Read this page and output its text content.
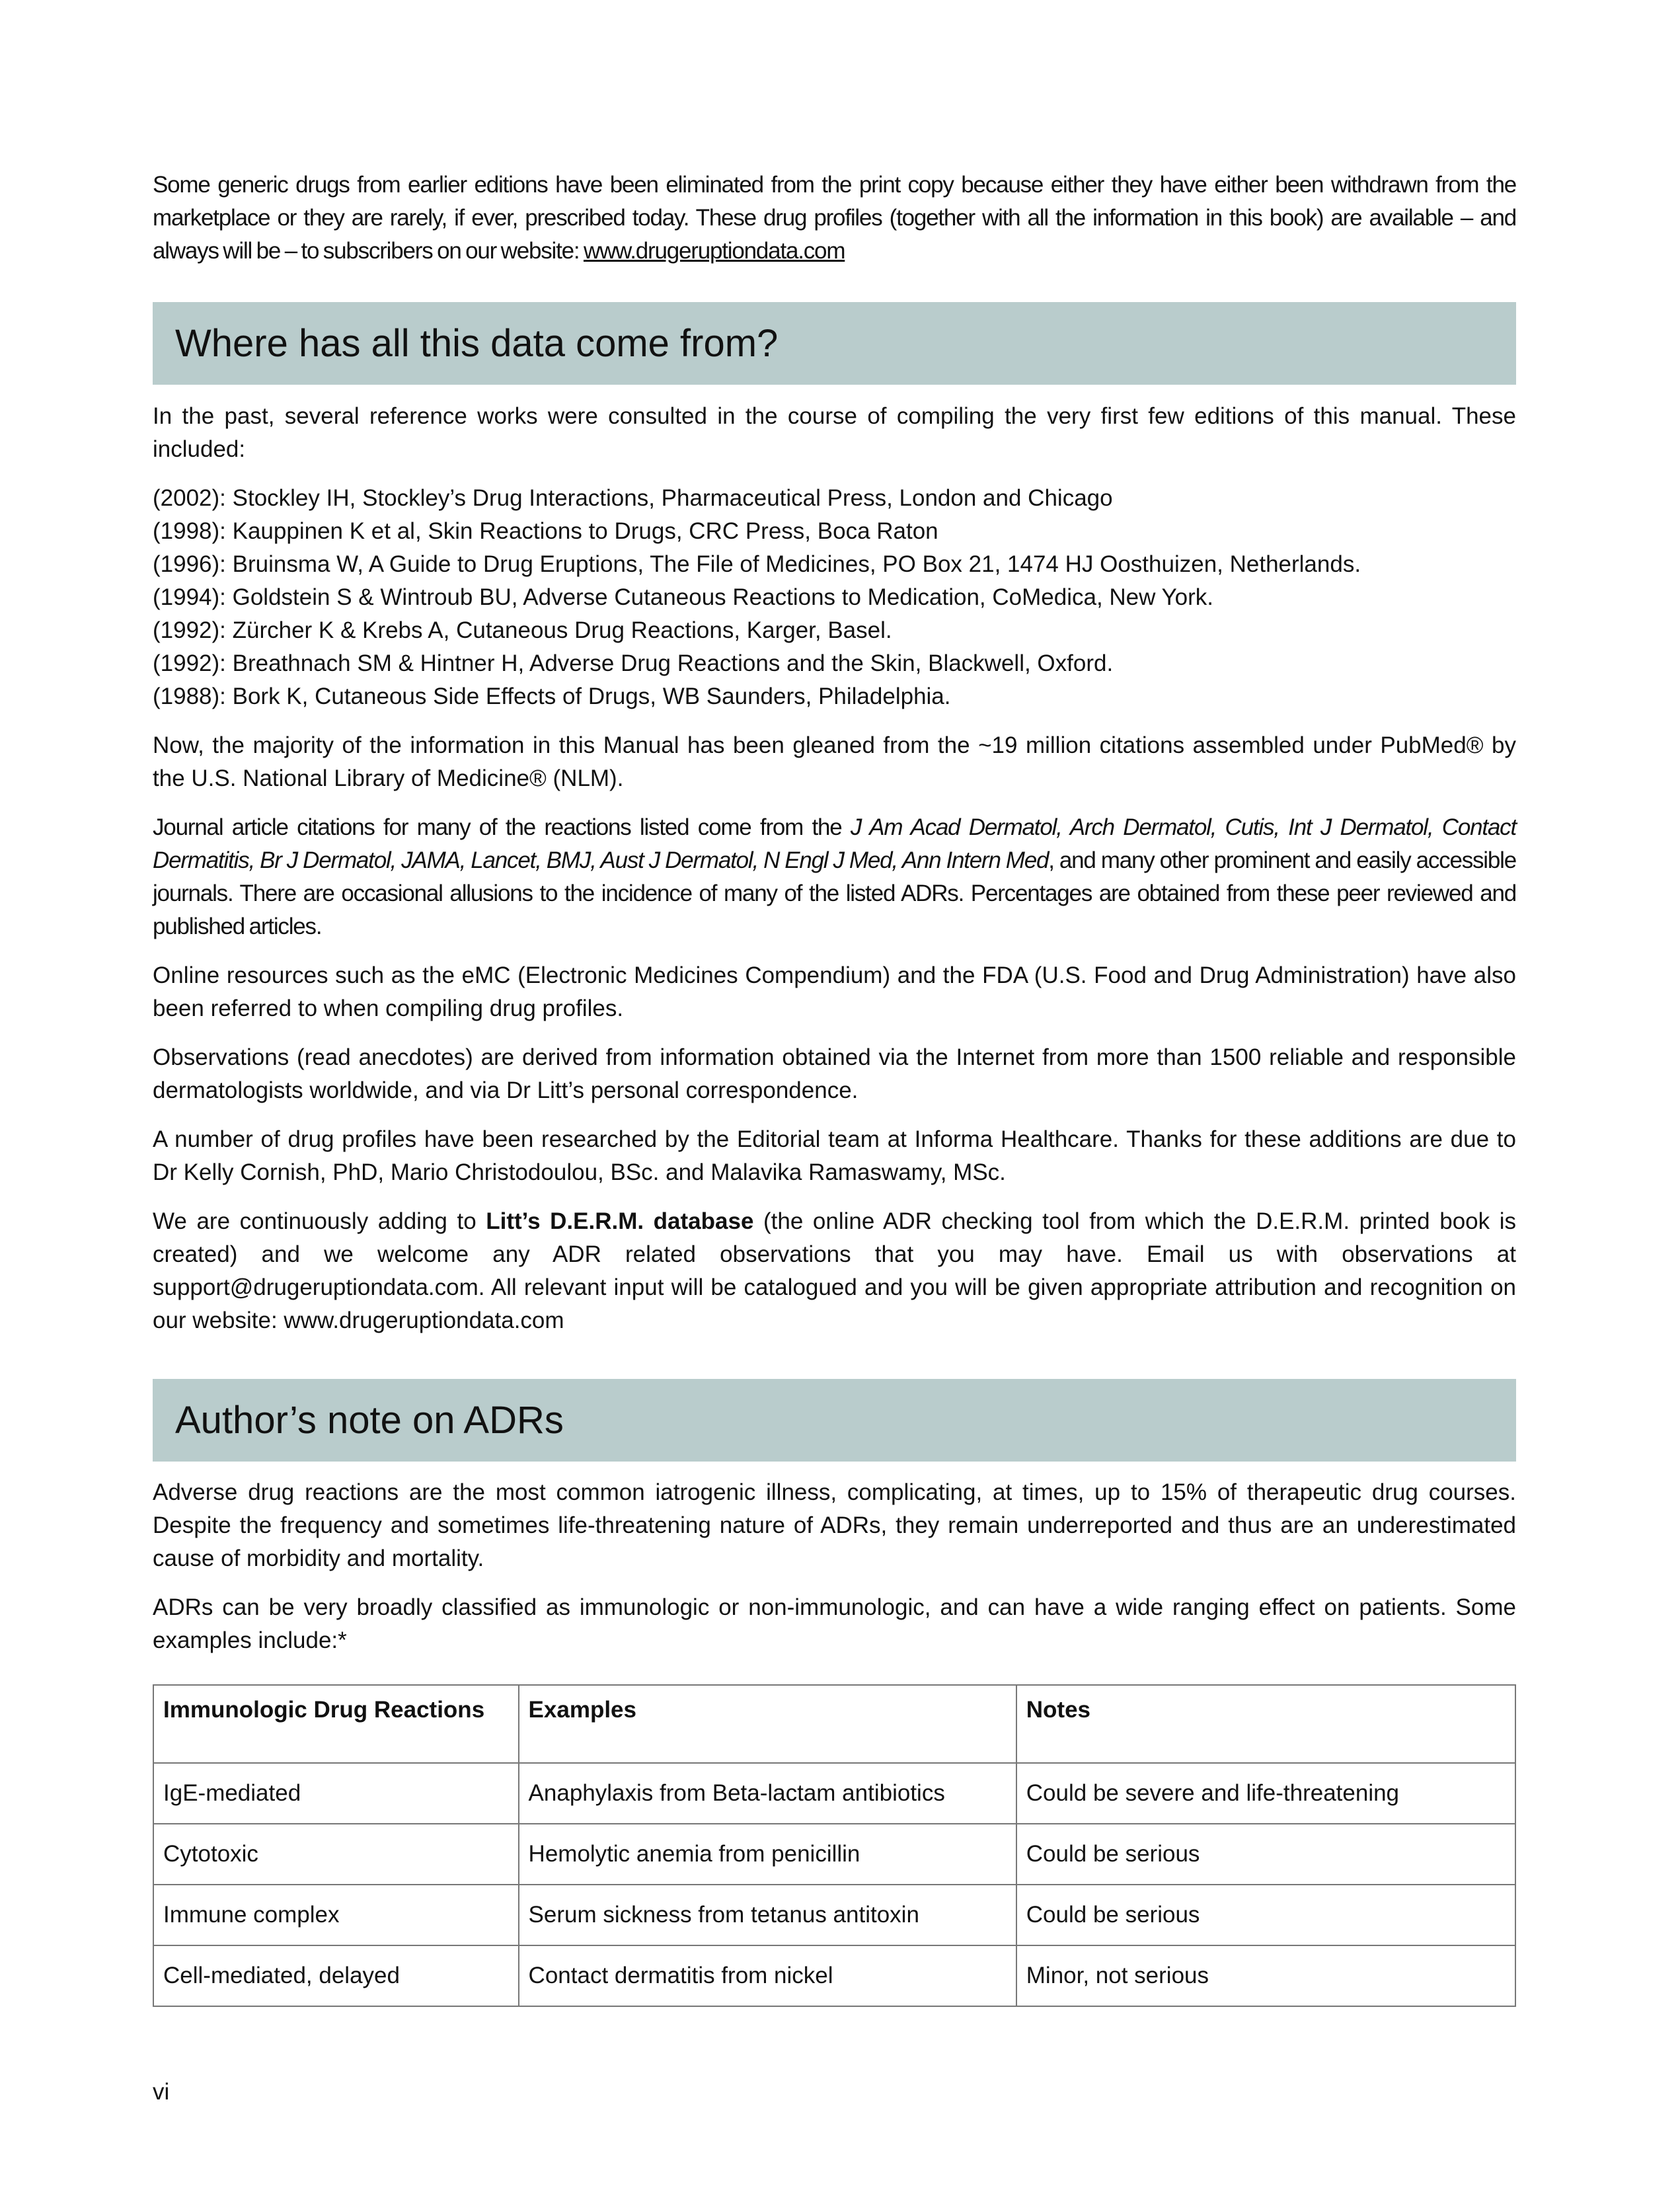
Some generic drugs from earlier editions have been eliminated from the print copy because either they have either been withdrawn from the marketplace or they are rarely, if ever, prescribed today. These drug profiles (together with all the information in this book) are available – and always will be – to subscribers on our website: www.drugeruptiondata.com

Where has all this data come from?

In the past, several reference works were consulted in the course of compiling the very first few editions of this manual. These included:

(2002): Stockley IH, Stockley’s Drug Interactions, Pharmaceutical Press, London and Chicago
(1998): Kauppinen K et al, Skin Reactions to Drugs, CRC Press, Boca Raton
(1996): Bruinsma W, A Guide to Drug Eruptions, The File of Medicines, PO Box 21, 1474 HJ Oosthuizen, Netherlands.
(1994): Goldstein S & Wintroub BU, Adverse Cutaneous Reactions to Medication, CoMedica, New York.
(1992): Zürcher K & Krebs A, Cutaneous Drug Reactions, Karger, Basel.
(1992): Breathnach SM & Hintner H, Adverse Drug Reactions and the Skin, Blackwell, Oxford.
(1988): Bork K, Cutaneous Side Effects of Drugs, WB Saunders, Philadelphia.

Now, the majority of the information in this Manual has been gleaned from the ~19 million citations assembled under PubMed® by the U.S. National Library of Medicine® (NLM).

Journal article citations for many of the reactions listed come from the J Am Acad Dermatol, Arch Dermatol, Cutis, Int J Dermatol, Contact Dermatitis, Br J Dermatol, JAMA, Lancet, BMJ, Aust J Dermatol, N Engl J Med, Ann Intern Med, and many other prominent and easily accessible journals. There are occasional allusions to the incidence of many of the listed ADRs. Percentages are obtained from these peer reviewed and published articles.

Online resources such as the eMC (Electronic Medicines Compendium) and the FDA (U.S. Food and Drug Administration) have also been referred to when compiling drug profiles.

Observations (read anecdotes) are derived from information obtained via the Internet from more than 1500 reliable and responsible dermatologists worldwide, and via Dr Litt’s personal correspondence.

A number of drug profiles have been researched by the Editorial team at Informa Healthcare. Thanks for these additions are due to Dr Kelly Cornish, PhD, Mario Christodoulou, BSc. and Malavika Ramaswamy, MSc.

We are continuously adding to Litt’s D.E.R.M. database (the online ADR checking tool from which the D.E.R.M. printed book is created) and we welcome any ADR related observations that you may have. Email us with observations at support@drugeruptiondata.com. All relevant input will be catalogued and you will be given appropriate attribution and recognition on our website: www.drugeruptiondata.com

Author’s note on ADRs

Adverse drug reactions are the most common iatrogenic illness, complicating, at times, up to 15% of therapeutic drug courses. Despite the frequency and sometimes life-threatening nature of ADRs, they remain underreported and thus are an underestimated cause of morbidity and mortality.

ADRs can be very broadly classified as immunologic or non-immunologic, and can have a wide ranging effect on patients. Some examples include:*

Immunologic Drug Reactions	Examples	Notes
IgE-mediated	Anaphylaxis from Beta-lactam antibiotics	Could be severe and life-threatening
Cytotoxic	Hemolytic anemia from penicillin	Could be serious
Immune complex	Serum sickness from tetanus antitoxin	Could be serious
Cell-mediated, delayed	Contact dermatitis from nickel	Minor, not serious
vi
